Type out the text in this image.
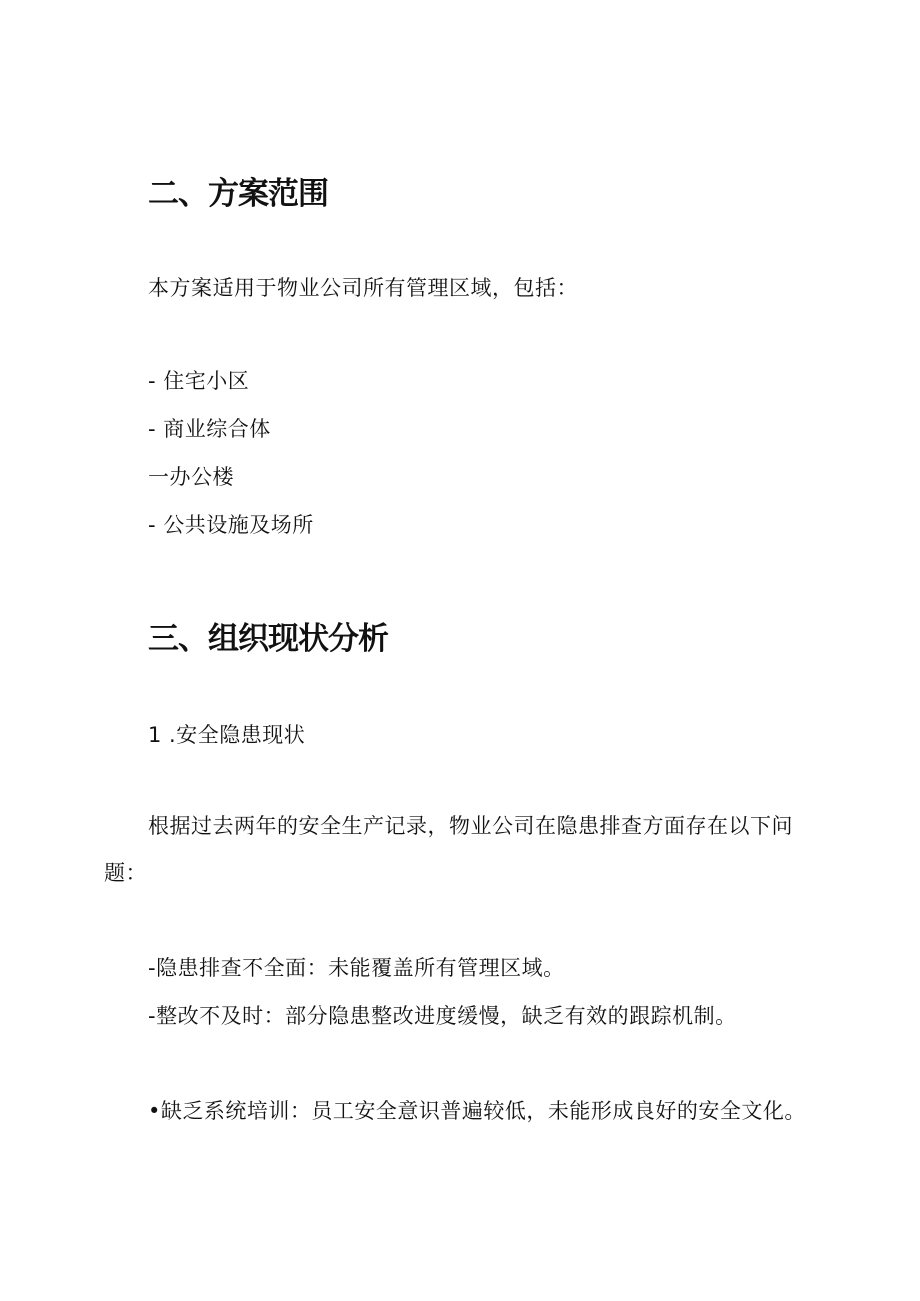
二、方案范围
本方案适用于物业公司所有管理区域，包括：
- 住宅小区
- 商业综合体
一办公楼
- 公共设施及场所
三、组织现状分析
1 .安全隐患现状
根据过去两年的安全生产记录，物业公司在隐患排查方面存在以下问
题：
-隐患排查不全面：未能覆盖所有管理区域。
-整改不及时：部分隐患整改进度缓慢，缺乏有效的跟踪机制。
•缺乏系统培训：员工安全意识普遍较低，未能形成良好的安全文化。
